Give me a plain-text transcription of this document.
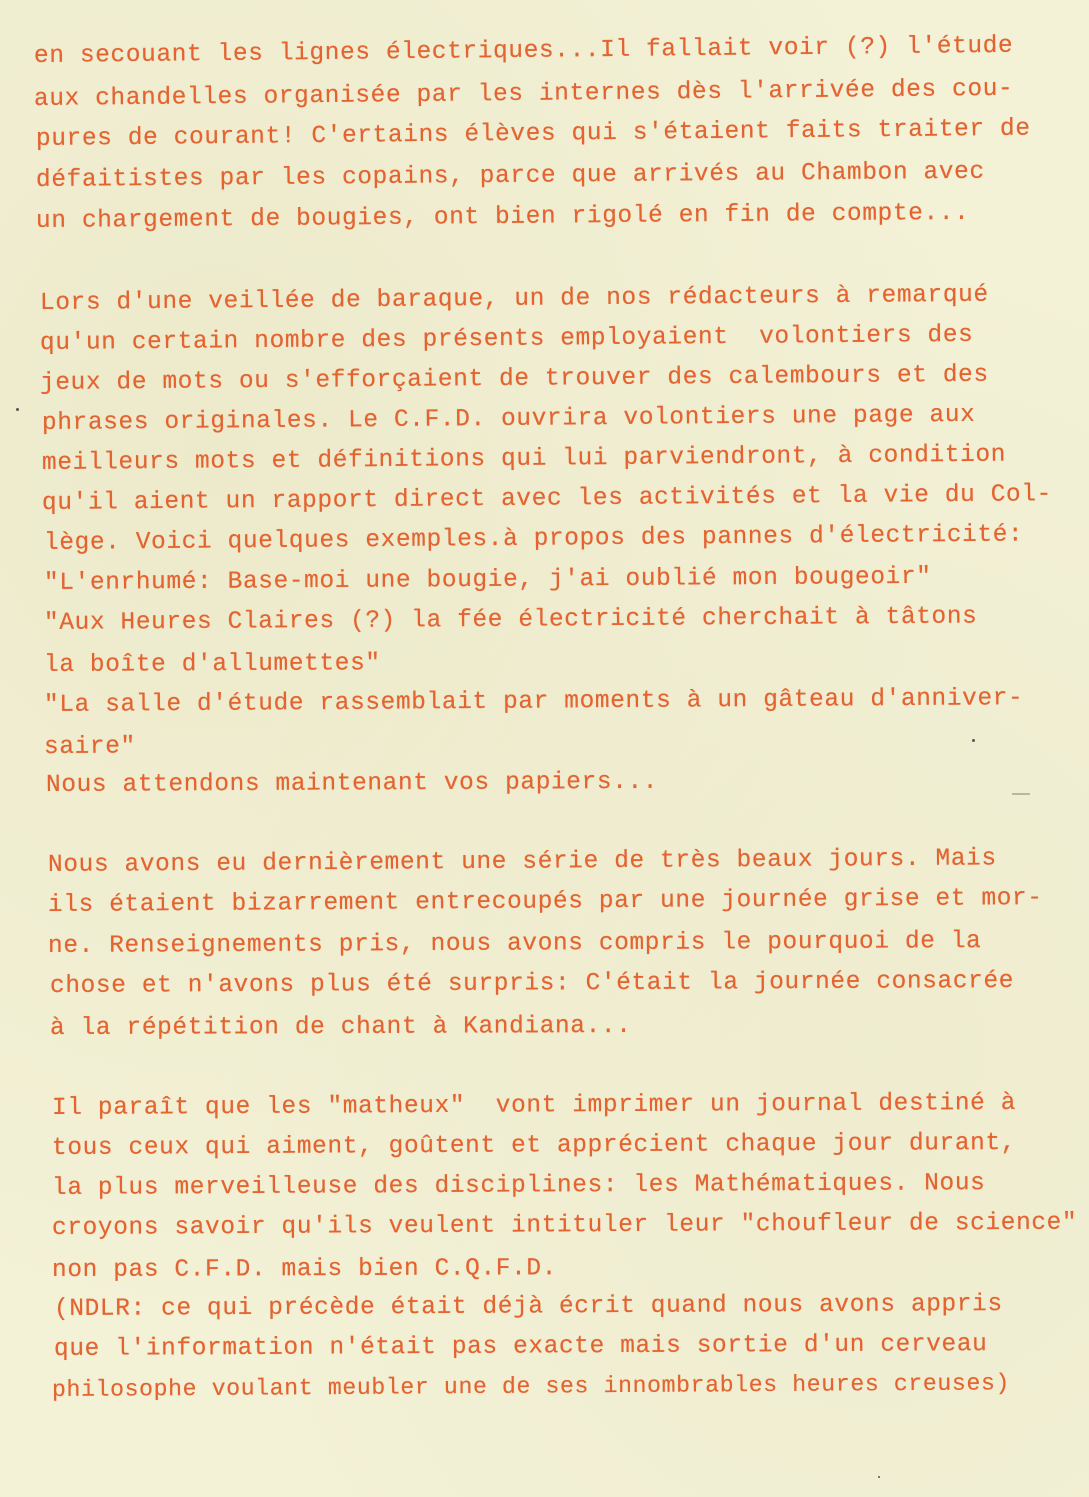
en secouant les lignes électriques...Il fallait voir (?) l'étude
aux chandelles organisée par les internes dès l'arrivée des cou-
pures de courant! C'ertains élèves qui s'étaient faits traiter de
défaitistes par les copains, parce que arrivés au Chambon avec
un chargement de bougies, ont bien rigolé en fin de compte...
Lors d'une veillée de baraque, un de nos rédacteurs à remarqué
qu'un certain nombre des présents employaient  volontiers des
jeux de mots ou s'efforçaient de trouver des calembours et des
phrases originales. Le C.F.D. ouvrira volontiers une page aux
meilleurs mots et définitions qui lui parviendront, à condition
qu'il aient un rapport direct avec les activités et la vie du Col-
lège. Voici quelques exemples.à propos des pannes d'électricité:
"L'enrhumé: Base-moi une bougie, j'ai oublié mon bougeoir"
"Aux Heures Claires (?) la fée électricité cherchait à tâtons
la boîte d'allumettes"
"La salle d'étude rassemblait par moments à un gâteau d'anniver-
saire"
Nous attendons maintenant vos papiers...
Nous avons eu dernièrement une série de très beaux jours. Mais
ils étaient bizarrement entrecoupés par une journée grise et mor-
ne. Renseignements pris, nous avons compris le pourquoi de la
chose et n'avons plus été surpris: C'était la journée consacrée
à la répétition de chant à Kandiana...
Il paraît que les "matheux"  vont imprimer un journal destiné à
tous ceux qui aiment, goûtent et apprécient chaque jour durant,
la plus merveilleuse des disciplines: les Mathématiques. Nous
croyons savoir qu'ils veulent intituler leur "choufleur de science"
non pas C.F.D. mais bien C.Q.F.D.
(NDLR: ce qui précède était déjà écrit quand nous avons appris
que l'information n'était pas exacte mais sortie d'un cerveau
philosophe voulant meubler une de ses innombrables heures creuses)
